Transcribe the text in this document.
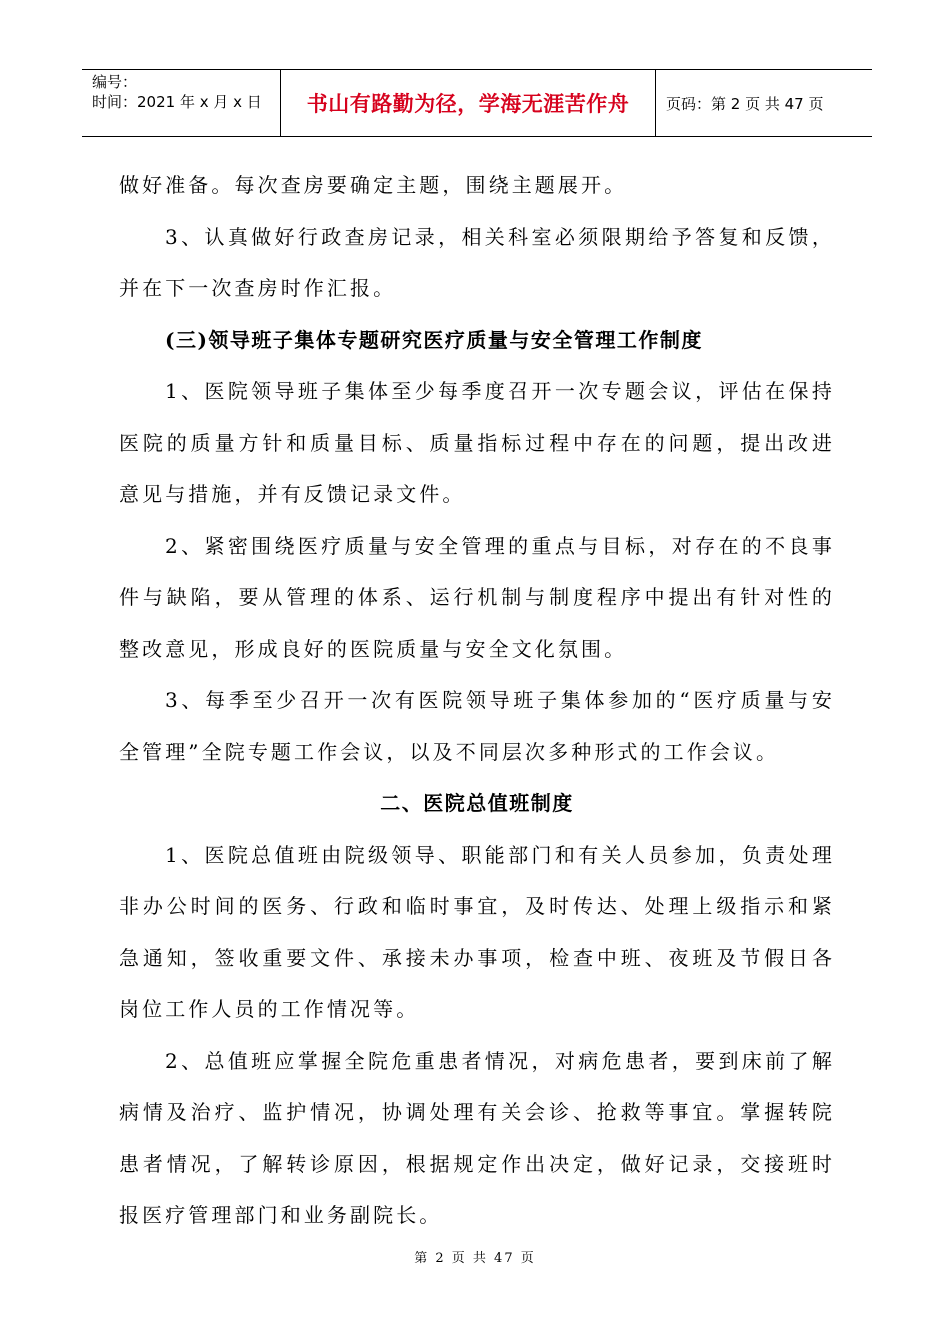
编号：
时间：2021 年 x 月 x 日	书山有路勤为径，学海无涯苦作舟	页码：第 2 页 共 47 页

做好准备。每次查房要确定主题，围绕主题展开。

3、认真做好行政查房记录，相关科室必须限期给予答复和反馈，并在下一次查房时作汇报。

(三)领导班子集体专题研究医疗质量与安全管理工作制度

1、医院领导班子集体至少每季度召开一次专题会议，评估在保持医院的质量方针和质量目标、质量指标过程中存在的问题，提出改进意见与措施，并有反馈记录文件。

2、紧密围绕医疗质量与安全管理的重点与目标，对存在的不良事件与缺陷，要从管理的体系、运行机制与制度程序中提出有针对性的整改意见，形成良好的医院质量与安全文化氛围。

3、每季至少召开一次有医院领导班子集体参加的“医疗质量与安全管理”全院专题工作会议，以及不同层次多种形式的工作会议。

二、医院总值班制度

1、医院总值班由院级领导、职能部门和有关人员参加，负责处理非办公时间的医务、行政和临时事宜，及时传达、处理上级指示和紧急通知，签收重要文件、承接未办事项，检查中班、夜班及节假日各岗位工作人员的工作情况等。

2、总值班应掌握全院危重患者情况，对病危患者，要到床前了解病情及治疗、监护情况，协调处理有关会诊、抢救等事宜。掌握转院患者情况，了解转诊原因，根据规定作出决定，做好记录，交接班时报医疗管理部门和业务副院长。

第 2 页 共 47 页
